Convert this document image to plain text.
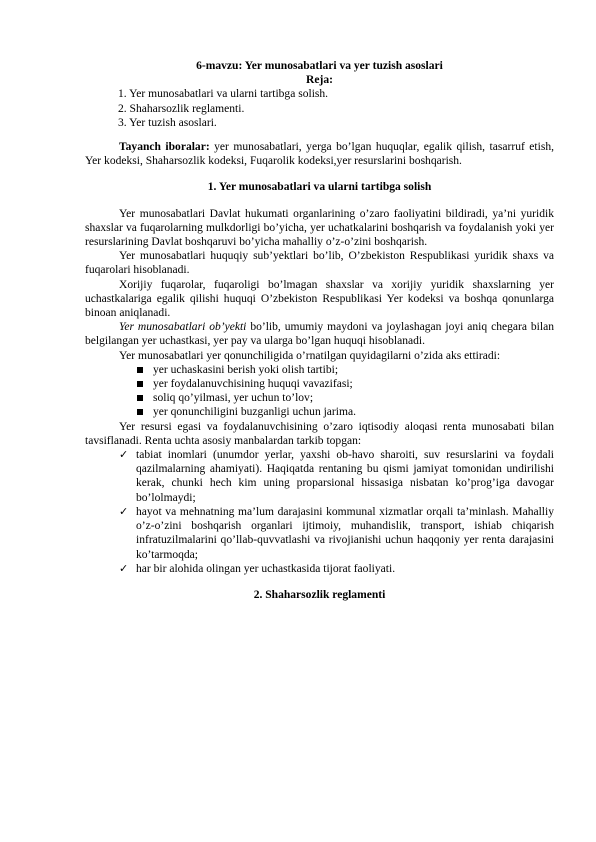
6-mavzu: Yer munosabatlari va yer tuzish asoslari
Reja:
1. Yer munosabatlari va ularni tartibga solish.
2. Shaharsozlik reglamenti.
3. Yer tuzish asoslari.

Tayanch iboralar: yer munosabatlari, yerga bo’lgan huquqlar, egalik qilish, tasarruf etish, Yer kodeksi, Shaharsozlik kodeksi, Fuqarolik kodeksi,yer resurslarini boshqarish.

1. Yer munosabatlari va ularni tartibga solish

Yer munosabatlari Davlat hukumati organlarining o’zaro faoliyatini bildiradi, ya’ni yuridik shaxslar va fuqarolarning mulkdorligi bo’yicha, yer uchatkalarini boshqarish va foydalanish yoki yer resurslarining Davlat boshqaruvi bo’yicha mahalliy o’z-o’zini boshqarish.

Yer munosabatlari huquqiy sub’yektlari bo’lib, O’zbekiston Respublikasi yuridik shaxs va fuqarolari hisoblanadi.

Xorijiy fuqarolar, fuqaroligi bo’lmagan shaxslar va xorijiy yuridik shaxslarning yer uchastkalariga egalik qilishi huquqi O’zbekiston Respublikasi Yer kodeksi va boshqa qonunlarga binoan aniqlanadi.

Yer munosabatlari ob’yekti bo’lib, umumiy maydoni va joylashagan joyi aniq chegara bilan belgilangan yer uchastkasi, yer pay va ularga bo’lgan huquqi hisoblanadi.

Yer munosabatlari yer qonunchiligida o’rnatilgan quyidagilarni o’zida aks ettiradi:

yer uchaskasini berish yoki olish tartibi;
yer foydalanuvchisining huquqi vavazifasi;
soliq qo’yilmasi, yer uchun to’lov;
yer qonunchiligini buzganligi uchun jarima.

Yer resursi egasi va foydalanuvchisining o’zaro iqtisodiy aloqasi renta munosabati bilan tavsiflanadi. Renta uchta asosiy manbalardan tarkib topgan:

✓ tabiat inomlari (unumdor yerlar, yaxshi ob-havo sharoiti, suv resurslarini va foydali qazilmalarning ahamiyati). Haqiqatda rentaning bu qismi jamiyat tomonidan undirilishi kerak, chunki hech kim uning proparsional hissasiga nisbatan ko’prog’iga davogar bo’lolmaydi;
✓ hayot va mehnatning ma’lum darajasini kommunal xizmatlar orqali ta’minlash. Mahalliy o’z-o’zini boshqarish organlari ijtimoiy, muhandislik, transport, ishiab chiqarish infratuzilmalarini qo’llab-quvvatlashi va rivojianishi uchun haqqoniy yer renta darajasini ko’tarmoqda;
✓ har bir alohida olingan yer uchastkasida tijorat faoliyati.
2. Shaharsozlik reglamenti
